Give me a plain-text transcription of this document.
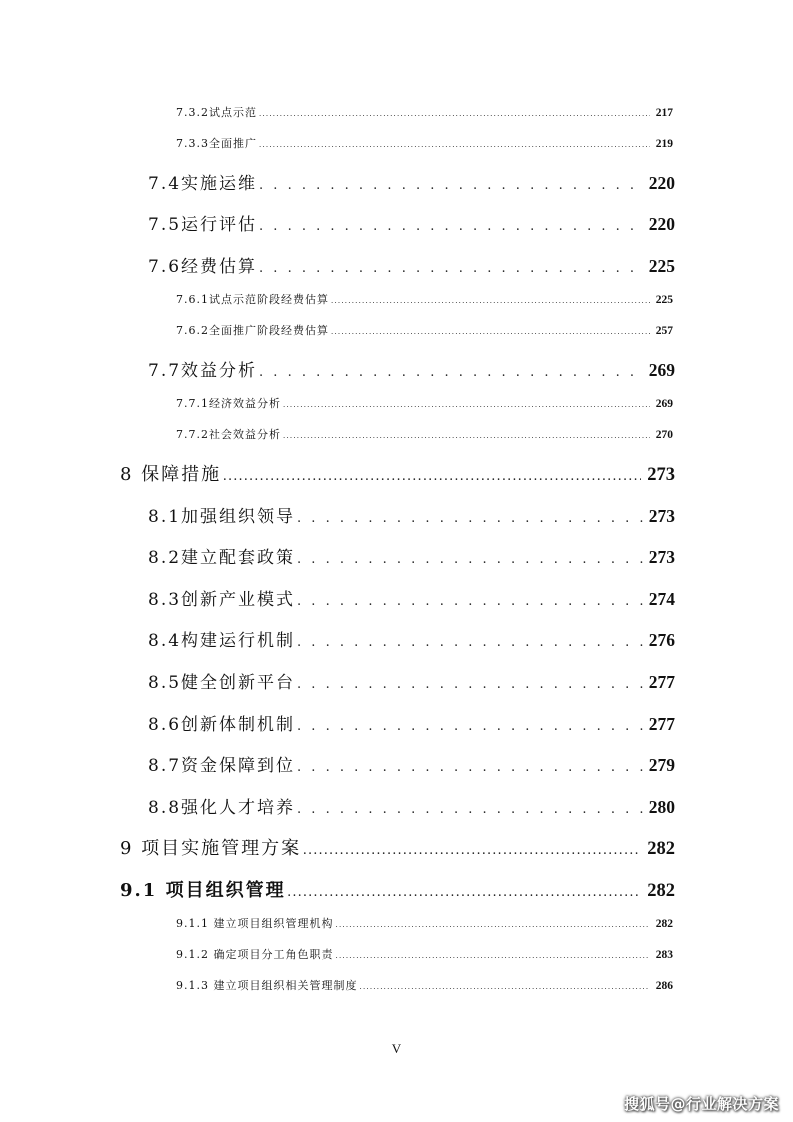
7.3.2试点示范 . . .	217
7.3.3全面推广 . . .	219
7.4实施运维 . . .	220
7.5运行评估 . . .	220
7.6经费估算 . . .	225
7.6.1试点示范阶段经费估算 . . .	225
7.6.2全面推广阶段经费估算 . . .	257
7.7效益分析 . . .	269
7.7.1经济效益分析 . . .	269
7.7.2社会效益分析 . . .	270
8 保障措施 . . .	273
8.1加强组织领导 . . .	273
8.2建立配套政策 . . .	273
8.3创新产业模式 . . .	274
8.4构建运行机制 . . .	276
8.5健全创新平台 . . .	277
8.6创新体制机制 . . .	277
8.7资金保障到位 . . .	279
8.8强化人才培养 . . .	280
9 项目实施管理方案 . . .	282
9.1 项目组织管理 . . .	282
9.1.1 建立项目组织管理机构 . . .	282
9.1.2 确定项目分工角色职责 . . .	283
9.1.3 建立项目组织相关管理制度 . . .	286
V
搜狐号@行业解决方案
